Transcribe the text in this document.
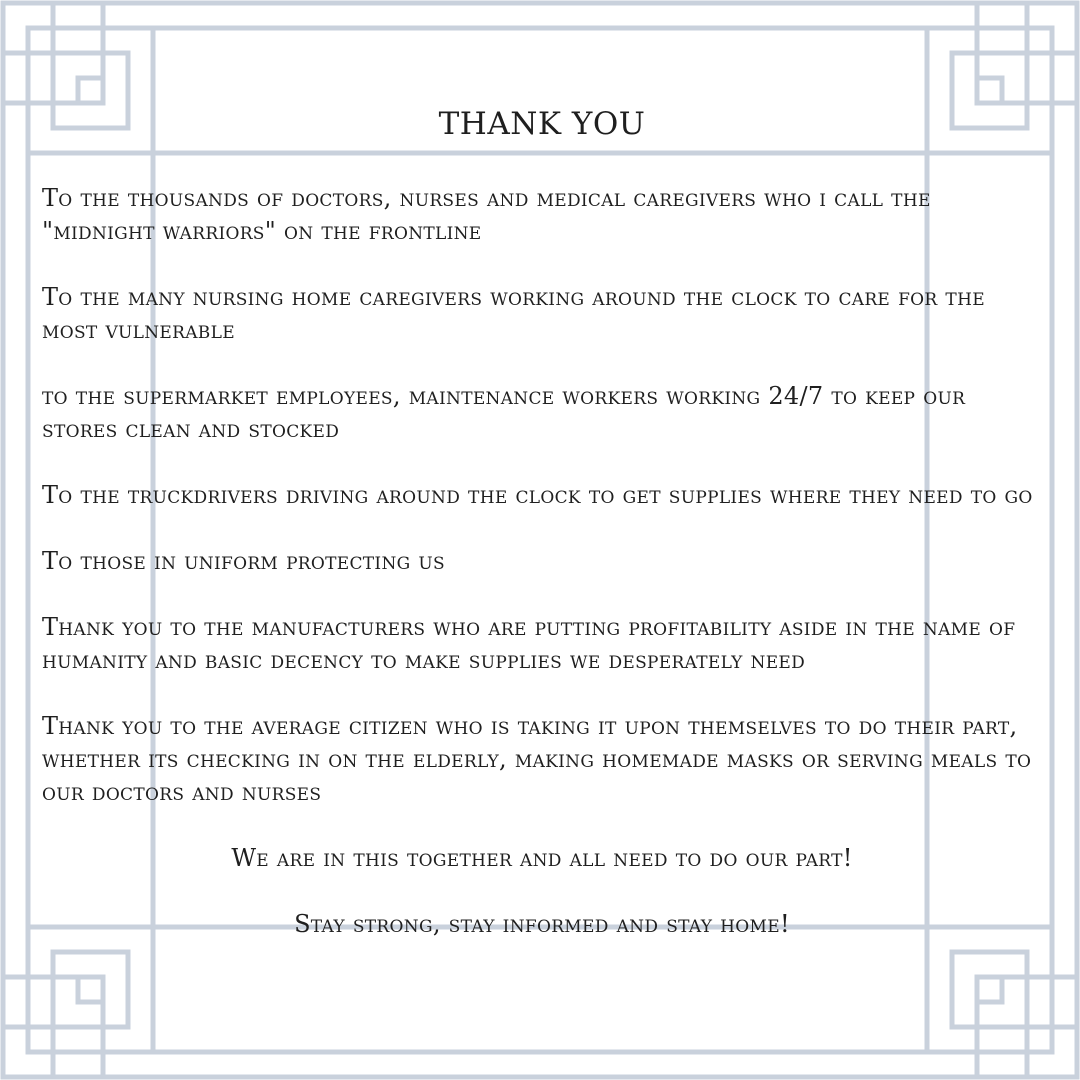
THANK YOU

To the thousands of doctors, nurses and medical caregivers who i call the "midnight warriors" on the frontline

To the many nursing home caregivers working around the clock to care for the most vulnerable

to the supermarket employees, maintenance workers working 24/7 to keep our stores clean and stocked

To the truckdrivers driving around the clock to get supplies where they need to go

To those in uniform protecting us

Thank you to the manufacturers who are putting profitability aside in the name of humanity and basic decency to make supplies we desperately need

Thank you to the average citizen who is taking it upon themselves to do their part, whether its checking in on the elderly, making homemade masks or serving meals to our doctors and nurses

We are in this together and all need to do our part!

Stay strong, stay informed and stay home!
